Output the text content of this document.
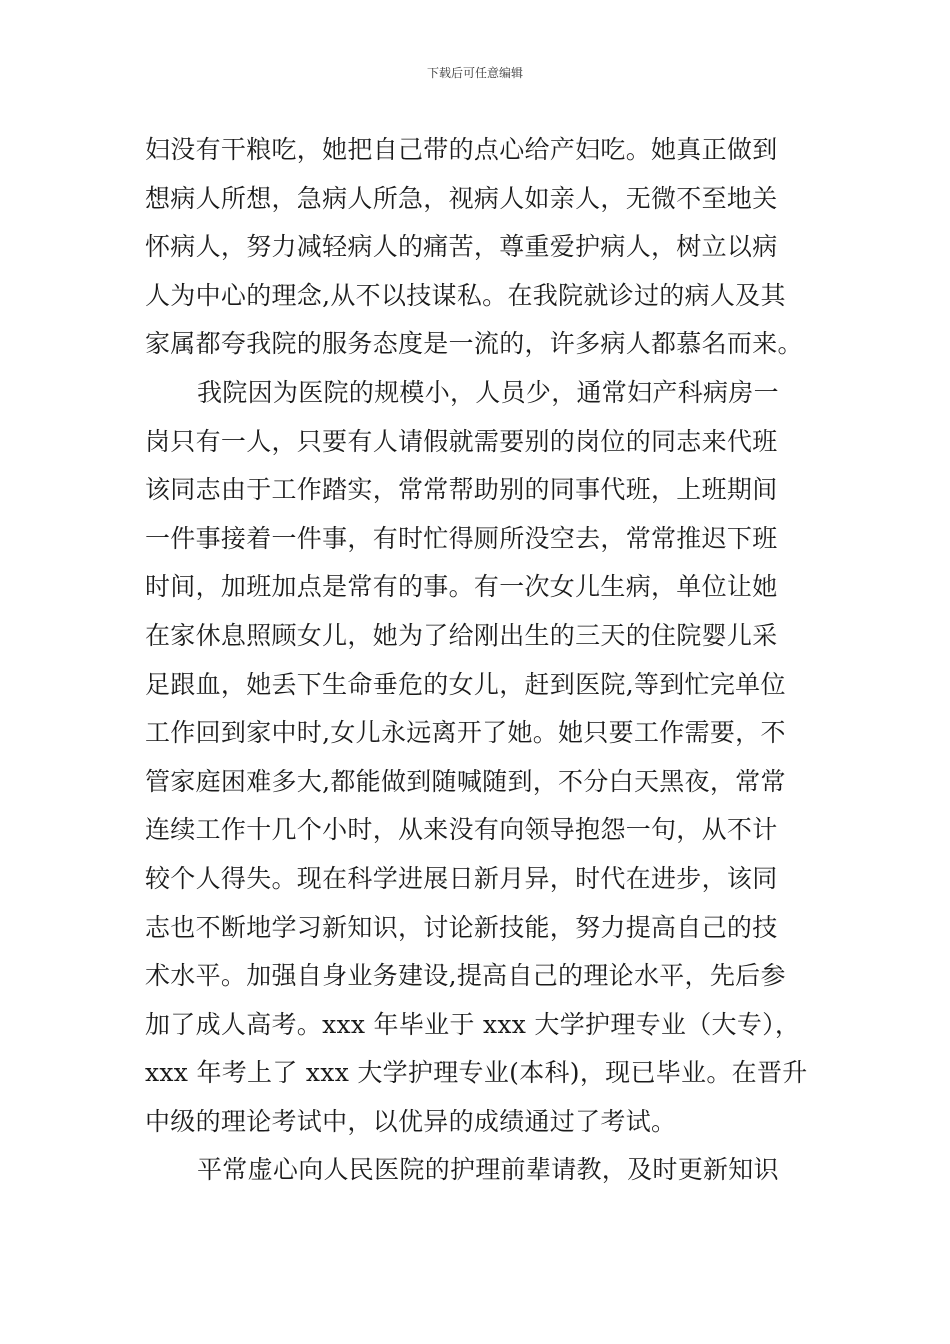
下载后可任意编辑
妇没有干粮吃，她把自己带的点心给产妇吃。她真正做到
想病人所想，急病人所急，视病人如亲人，无微不至地关
怀病人，努力减轻病人的痛苦，尊重爱护病人，树立以病
人为中心的理念,从不以技谋私。在我院就诊过的病人及其
家属都夸我院的服务态度是一流的，许多病人都慕名而来。
我院因为医院的规模小，人员少，通常妇产科病房一
岗只有一人，只要有人请假就需要别的岗位的同志来代班
该同志由于工作踏实，常常帮助别的同事代班，上班期间
一件事接着一件事，有时忙得厕所没空去，常常推迟下班
时间，加班加点是常有的事。有一次女儿生病，单位让她
在家休息照顾女儿，她为了给刚出生的三天的住院婴儿采
足跟血，她丢下生命垂危的女儿，赶到医院,等到忙完单位
工作回到家中时,女儿永远离开了她。她只要工作需要，不
管家庭困难多大,都能做到随喊随到，不分白天黑夜，常常
连续工作十几个小时，从来没有向领导抱怨一句，从不计
较个人得失。现在科学进展日新月异，时代在进步，该同
志也不断地学习新知识，讨论新技能，努力提高自己的技
术水平。加强自身业务建设,提高自己的理论水平，先后参
加了成人高考。xxx 年毕业于 xxx 大学护理专业（大专），
xxx 年考上了 xxx 大学护理专业(本科)，现已毕业。在晋升
中级的理论考试中，以优异的成绩通过了考试。
平常虚心向人民医院的护理前辈请教，及时更新知识
